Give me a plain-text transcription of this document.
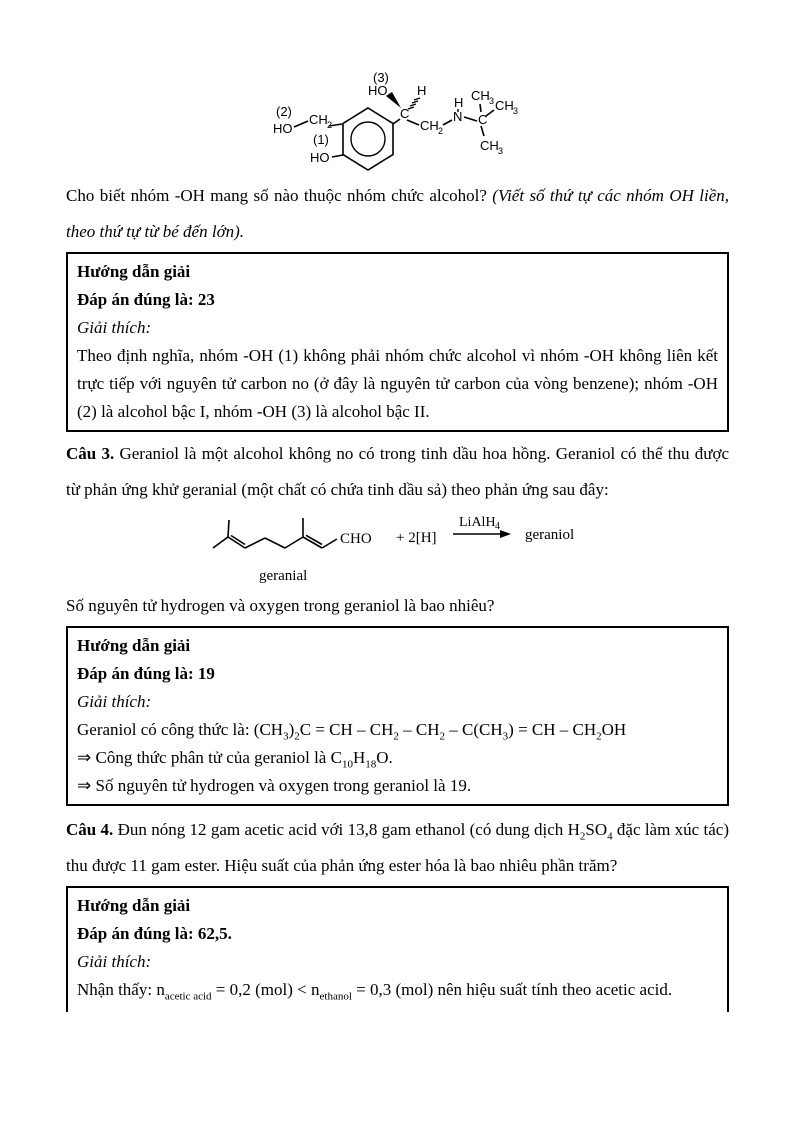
(2)
HO
CH 2
(1)
HO
(3)
HO
C
H
CH 2
H
N C
CH 3 CH 3
CH 3

Cho biết nhóm -OH mang số nào thuộc nhóm chức alcohol? (Viết số thứ tự các nhóm OH liền, theo thứ tự từ bé đến lớn).

Hướng dẫn giải

Đáp án đúng là: 23

Giải thích:

Theo định nghĩa, nhóm -OH (1) không phải nhóm chức alcohol vì nhóm -OH không liên kết trực tiếp với nguyên tử carbon no (ở đây là nguyên tử carbon của vòng benzene); nhóm -OH (2) là alcohol bậc I, nhóm -OH (3) là alcohol bậc II.

Câu 3. Geraniol là một alcohol không no có trong tinh dầu hoa hồng. Geraniol có thể thu được từ phản ứng khử geranial (một chất có chứa tinh dầu sả) theo phản ứng sau đây:

CHO
geranial
+ 2[H]
LiAlH 4
geraniol

Số nguyên tử hydrogen và oxygen trong geraniol là bao nhiêu?

Hướng dẫn giải

Đáp án đúng là: 19

Giải thích:

Geraniol có công thức là: $(CH_3)_2C$ = CH – $CH_2 - CH_2 - C(CH_3)$ = CH – $CH_2OH$

⇒ Công thức phân tử của geraniol là $C_{10}H_{18}O$.

⇒ Số nguyên tử hydrogen và oxygen trong geraniol là 19.

Câu 4. Đun nóng 12 gam acetic acid với 13,8 gam ethanol (có dung dịch $H_2SO_4$ đặc làm xúc tác) thu được 11 gam ester. Hiệu suất của phản ứng ester hóa là bao nhiêu phần trăm?

Hướng dẫn giải

Đáp án đúng là: 62,5.

Giải thích:

Nhận thấy: $n_{acetic acid} = 0,2$ $(mol) < n_{ethanol} = 0,3$ (mol) nên hiệu suất tính theo acetic acid.
